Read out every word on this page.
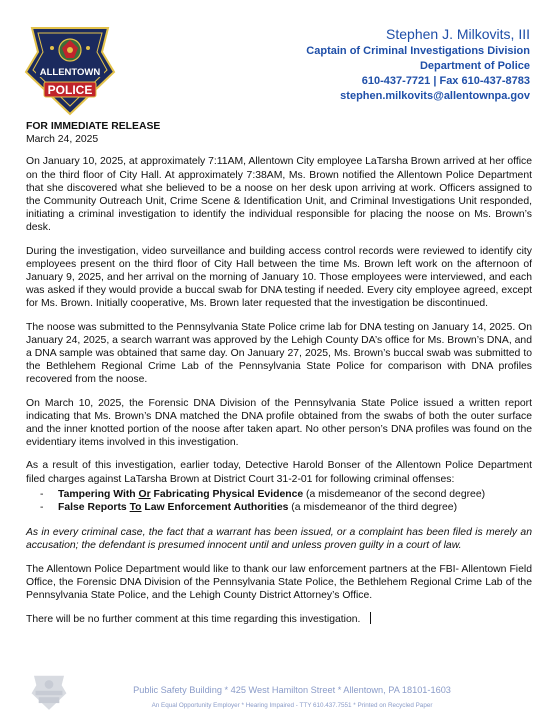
ALLENTOWN
POLICE
Stephen J. Milkovits, III
Captain of Criminal Investigations Division
Department of Police
610-437-7721 | Fax 610-437-8783
stephen.milkovits@allentownpa.gov
FOR IMMEDIATE RELEASE

March 24, 2025

On January 10, 2025, at approximately 7:11AM, Allentown City employee LaTarsha Brown arrived at her office on the third floor of City Hall. At approximately 7:38AM, Ms. Brown notified the Allentown Police Department that she discovered what she believed to be a noose on her desk upon arriving at work. Officers assigned to the Community Outreach Unit, Crime Scene & Identification Unit, and Criminal Investigations Unit responded, initiating a criminal investigation to identify the individual responsible for placing the noose on Ms. Brown’s desk.

During the investigation, video surveillance and building access control records were reviewed to identify city employees present on the third floor of City Hall between the time Ms. Brown left work on the afternoon of January 9, 2025, and her arrival on the morning of January 10. Those employees were interviewed, and each was asked if they would provide a buccal swab for DNA testing if needed. Every city employee agreed, except for Ms. Brown. Initially cooperative, Ms. Brown later requested that the investigation be discontinued.

The noose was submitted to the Pennsylvania State Police crime lab for DNA testing on January 14, 2025. On January 24, 2025, a search warrant was approved by the Lehigh County DA’s office for Ms. Brown’s DNA, and a DNA sample was obtained that same day. On January 27, 2025, Ms. Brown’s buccal swab was submitted to the Bethlehem Regional Crime Lab of the Pennsylvania State Police for comparison with DNA profiles recovered from the noose.

On March 10, 2025, the Forensic DNA Division of the Pennsylvania State Police issued a written report indicating that Ms. Brown’s DNA matched the DNA profile obtained from the swabs of both the outer surface and the inner knotted portion of the noose after taken apart. No other person’s DNA profiles was found on the evidentiary items involved in this investigation.

As a result of this investigation, earlier today, Detective Harold Bonser of the Allentown Police Department filed charges against LaTarsha Brown at District Court 31-2-01 for following criminal offenses:

- Tampering With Or Fabricating Physical Evidence (a misdemeanor of the second degree)
- False Reports To Law Enforcement Authorities (a misdemeanor of the third degree)

As in every criminal case, the fact that a warrant has been issued, or a complaint has been filed is merely an accusation; the defendant is presumed innocent until and unless proven guilty in a court of law.

The Allentown Police Department would like to thank our law enforcement partners at the FBI- Allentown Field Office, the Forensic DNA Division of the Pennsylvania State Police, the Bethlehem Regional Crime Lab of the Pennsylvania State Police, and the Lehigh County District Attorney’s Office.

There will be no further comment at this time regarding this investigation.

Public Safety Building * 425 West Hamilton Street * Allentown, PA 18101-1603
An Equal Opportunity Employer * Hearing Impaired - TTY 610.437.7551 * Printed on Recycled Paper
